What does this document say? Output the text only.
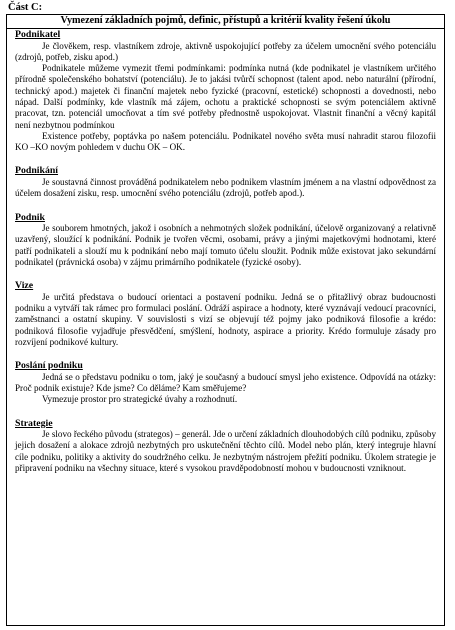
Část C:
Vymezení základních pojmů, definic, přístupů a kritérií kvality řešení úkolu
Podnikatel

Je člověkem, resp. vlastníkem zdroje, aktivně uspokojující potřeby za účelem umocnění svého potenciálu (zdrojů, potřeb, zisku apod.)

Podnikatele můžeme vymezit třemi podmínkami: podmínka nutná (kde podnikatel je vlastníkem určitého přírodně společenského bohatství (potenciálu). Je to jakási tvůrčí schopnost (talent apod. nebo naturální (přírodní, technický apod.) majetek či finanční majetek nebo fyzické (pracovní, estetické) schopnosti a dovednosti, nebo nápad. Další podmínky, kde vlastník má zájem, ochotu a praktické schopnosti se svým potenciálem aktivně pracovat, tzn. potenciál umocňovat a tím své potřeby přednostně uspokojovat. Vlastnit finanční a věcný kapitál není nezbytnou podmínkou

Existence potřeby, poptávka po našem potenciálu. Podnikatel nového světa musí nahradit starou filozofii KO –KO novým pohledem v duchu OK – OK.

Podnikání

Je soustavná činnost prováděná podnikatelem nebo podnikem vlastním jménem a na vlastní odpovědnost za účelem dosažení zisku, resp. umocnění svého potenciálu (zdrojů, potřeb apod.).

Podnik

Je souborem hmotných, jakož i osobních a nehmotných složek podnikání, účelově organizovaný a relativně uzavřený, sloužící k podnikání. Podnik je tvořen věcmi, osobami, právy a jinými majetkovými hodnotami, které patří podnikateli a slouží mu k podnikání nebo mají tomuto účelu sloužit. Podnik může existovat jako sekundární podnikatel (právnická osoba) v zájmu primárního podnikatele (fyzické osoby).

Vize

Je určitá představa o budoucí orientaci a postavení podniku. Jedná se o přitažlivý obraz budoucnosti podniku a vytváří tak rámec pro formulaci poslání. Odráží aspirace a hodnoty, které vyznávají vedoucí pracovníci, zaměstnanci a ostatní skupiny. V souvislosti s vizí se objevují též pojmy jako podniková filosofie a krédo: podniková filosofie vyjadřuje přesvědčení, smýšlení, hodnoty, aspirace a priority. Krédo formuluje zásady pro rozvíjení podnikové kultury.

Poslání podniku

Jedná se o představu podniku o tom, jaký je současný a budoucí smysl jeho existence. Odpovídá na otázky: Proč podnik existuje? Kde jsme? Co děláme? Kam směřujeme?

Vymezuje prostor pro strategické úvahy a rozhodnutí.

Strategie

Je slovo řeckého původu (strategos) – generál. Jde o určení základních dlouhodobých cílů podniku, způsoby jejich dosažení a alokace zdrojů nezbytných pro uskutečnění těchto cílů. Model nebo plán, který integruje hlavní cíle podniku, politiky a aktivity do soudržného celku. Je nezbytným nástrojem přežití podniku. Úkolem strategie je připravení podniku na všechny situace, které s vysokou pravděpodobností mohou v budoucnosti vzniknout.
